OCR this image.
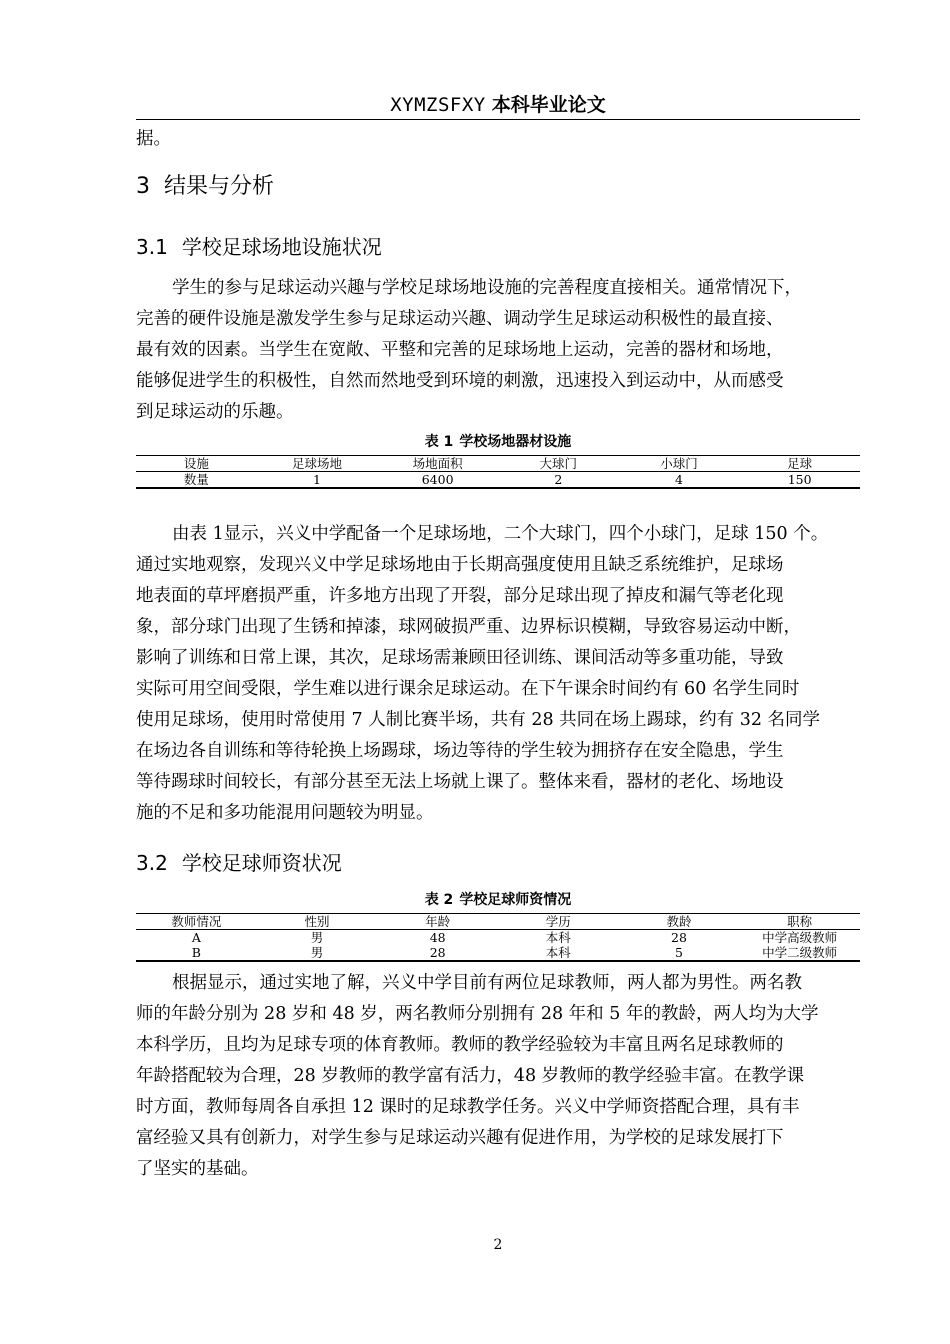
XYMZSFXY 本科毕业论文
据。
3 结果与分析
3.1 学校足球场地设施状况
学生的参与足球运动兴趣与学校足球场地设施的完善程度直接相关。通常情况下，
完善的硬件设施是激发学生参与足球运动兴趣、调动学生足球运动积极性的最直接、
最有效的因素。当学生在宽敞、平整和完善的足球场地上运动，完善的器材和场地，
能够促进学生的积极性，自然而然地受到环境的刺激，迅速投入到运动中，从而感受
到足球运动的乐趣。
表 1 学校场地器材设施
设施	足球场地	场地面积	大球门	小球门	足球
数量	1	6400	2	4	150
由表 1显示，兴义中学配备一个足球场地，二个大球门，四个小球门，足球 150 个。
通过实地观察，发现兴义中学足球场地由于长期高强度使用且缺乏系统维护，足球场
地表面的草坪磨损严重，许多地方出现了开裂，部分足球出现了掉皮和漏气等老化现
象，部分球门出现了生锈和掉漆，球网破损严重、边界标识模糊，导致容易运动中断，
影响了训练和日常上课，其次，足球场需兼顾田径训练、课间活动等多重功能，导致
实际可用空间受限，学生难以进行课余足球运动。在下午课余时间约有 60 名学生同时
使用足球场，使用时常使用 7 人制比赛半场，共有 28 共同在场上踢球，约有 32 名同学
在场边各自训练和等待轮换上场踢球，场边等待的学生较为拥挤存在安全隐患，学生
等待踢球时间较长，有部分甚至无法上场就上课了。整体来看，器材的老化、场地设
施的不足和多功能混用问题较为明显。
3.2 学校足球师资状况
表 2 学校足球师资情况
教师情况	性别	年龄	学历	教龄	职称
A	男	48	本科	28	中学高级教师
B	男	28	本科	5	中学二级教师
根据显示，通过实地了解，兴义中学目前有两位足球教师，两人都为男性。两名教
师的年龄分别为 28 岁和 48 岁，两名教师分别拥有 28 年和 5 年的教龄，两人均为大学
本科学历，且均为足球专项的体育教师。教师的教学经验较为丰富且两名足球教师的
年龄搭配较为合理，28 岁教师的教学富有活力，48 岁教师的教学经验丰富。在教学课
时方面，教师每周各自承担 12 课时的足球教学任务。兴义中学师资搭配合理，具有丰
富经验又具有创新力，对学生参与足球运动兴趣有促进作用，为学校的足球发展打下
了坚实的基础。
2
